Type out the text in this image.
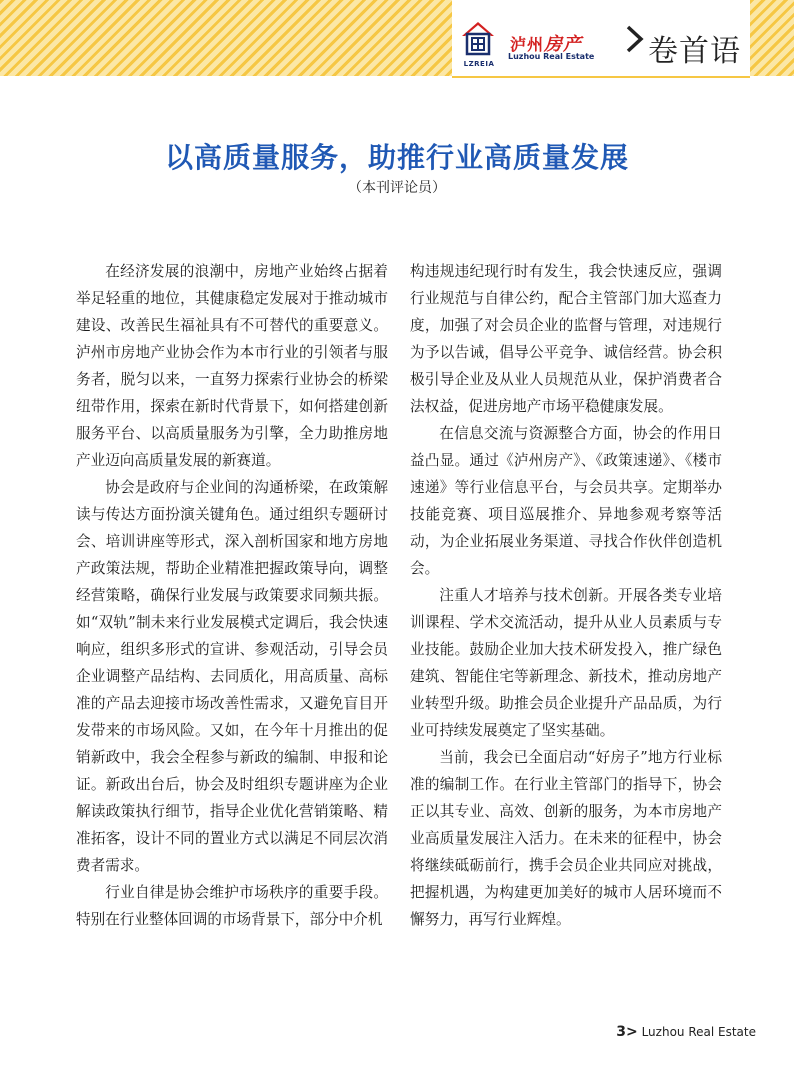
LZREIA
泸州房产
Luzhou Real Estate 卷首语
以高质量服务，助推行业高质量发展
（本刊评论员）

在经济发展的浪潮中，房地产业始终占据着举足轻重的地位，其健康稳定发展对于推动城市建设、改善民生福祉具有不可替代的重要意义。泸州市房地产业协会作为本市行业的引领者与服务者，脱匀以来，一直努力探索行业协会的桥梁纽带作用，探索在新时代背景下，如何搭建创新服务平台、以高质量服务为引擎，全力助推房地产业迈向高质量发展的新赛道。

协会是政府与企业间的沟通桥梁，在政策解读与传达方面扮演关键角色。通过组织专题研讨会、培训讲座等形式，深入剖析国家和地方房地产政策法规，帮助企业精准把握政策导向，调整经营策略，确保行业发展与政策要求同频共振。如“双轨”制未来行业发展模式定调后，我会快速响应，组织多形式的宣讲、参观活动，引导会员企业调整产品结构、去同质化，用高质量、高标准的产品去迎接市场改善性需求，又避免盲目开发带来的市场风险。又如，在今年十月推出的促销新政中，我会全程参与新政的编制、申报和论证。新政出台后，协会及时组织专题讲座为企业解读政策执行细节，指导企业优化营销策略、精准拓客，设计不同的置业方式以满足不同层次消费者需求。

行业自律是协会维护市场秩序的重要手段。特别在行业整体回调的市场背景下，部分中介机

构违规违纪现行时有发生，我会快速反应，强调行业规范与自律公约，配合主管部门加大巡查力度，加强了对会员企业的监督与管理，对违规行为予以告诫，倡导公平竞争、诚信经营。协会积极引导企业及从业人员规范从业，保护消费者合法权益，促进房地产市场平稳健康发展。

在信息交流与资源整合方面，协会的作用日益凸显。通过《泸州房产》、《政策速递》、《楼市速递》等行业信息平台，与会员共享。定期举办技能竞赛、项目巡展推介、异地参观考察等活动，为企业拓展业务渠道、寻找合作伙伴创造机会。

注重人才培养与技术创新。开展各类专业培训课程、学术交流活动，提升从业人员素质与专业技能。鼓励企业加大技术研发投入，推广绿色建筑、智能住宅等新理念、新技术，推动房地产业转型升级。助推会员企业提升产品品质，为行业可持续发展奠定了坚实基础。

当前，我会已全面启动“好房子”地方行业标准的编制工作。在行业主管部门的指导下，协会正以其专业、高效、创新的服务，为本市房地产业高质量发展注入活力。在未来的征程中，协会将继续砥砺前行，携手会员企业共同应对挑战，把握机遇，为构建更加美好的城市人居环境而不懈努力，再写行业辉煌。

3> Luzhou Real Estate
